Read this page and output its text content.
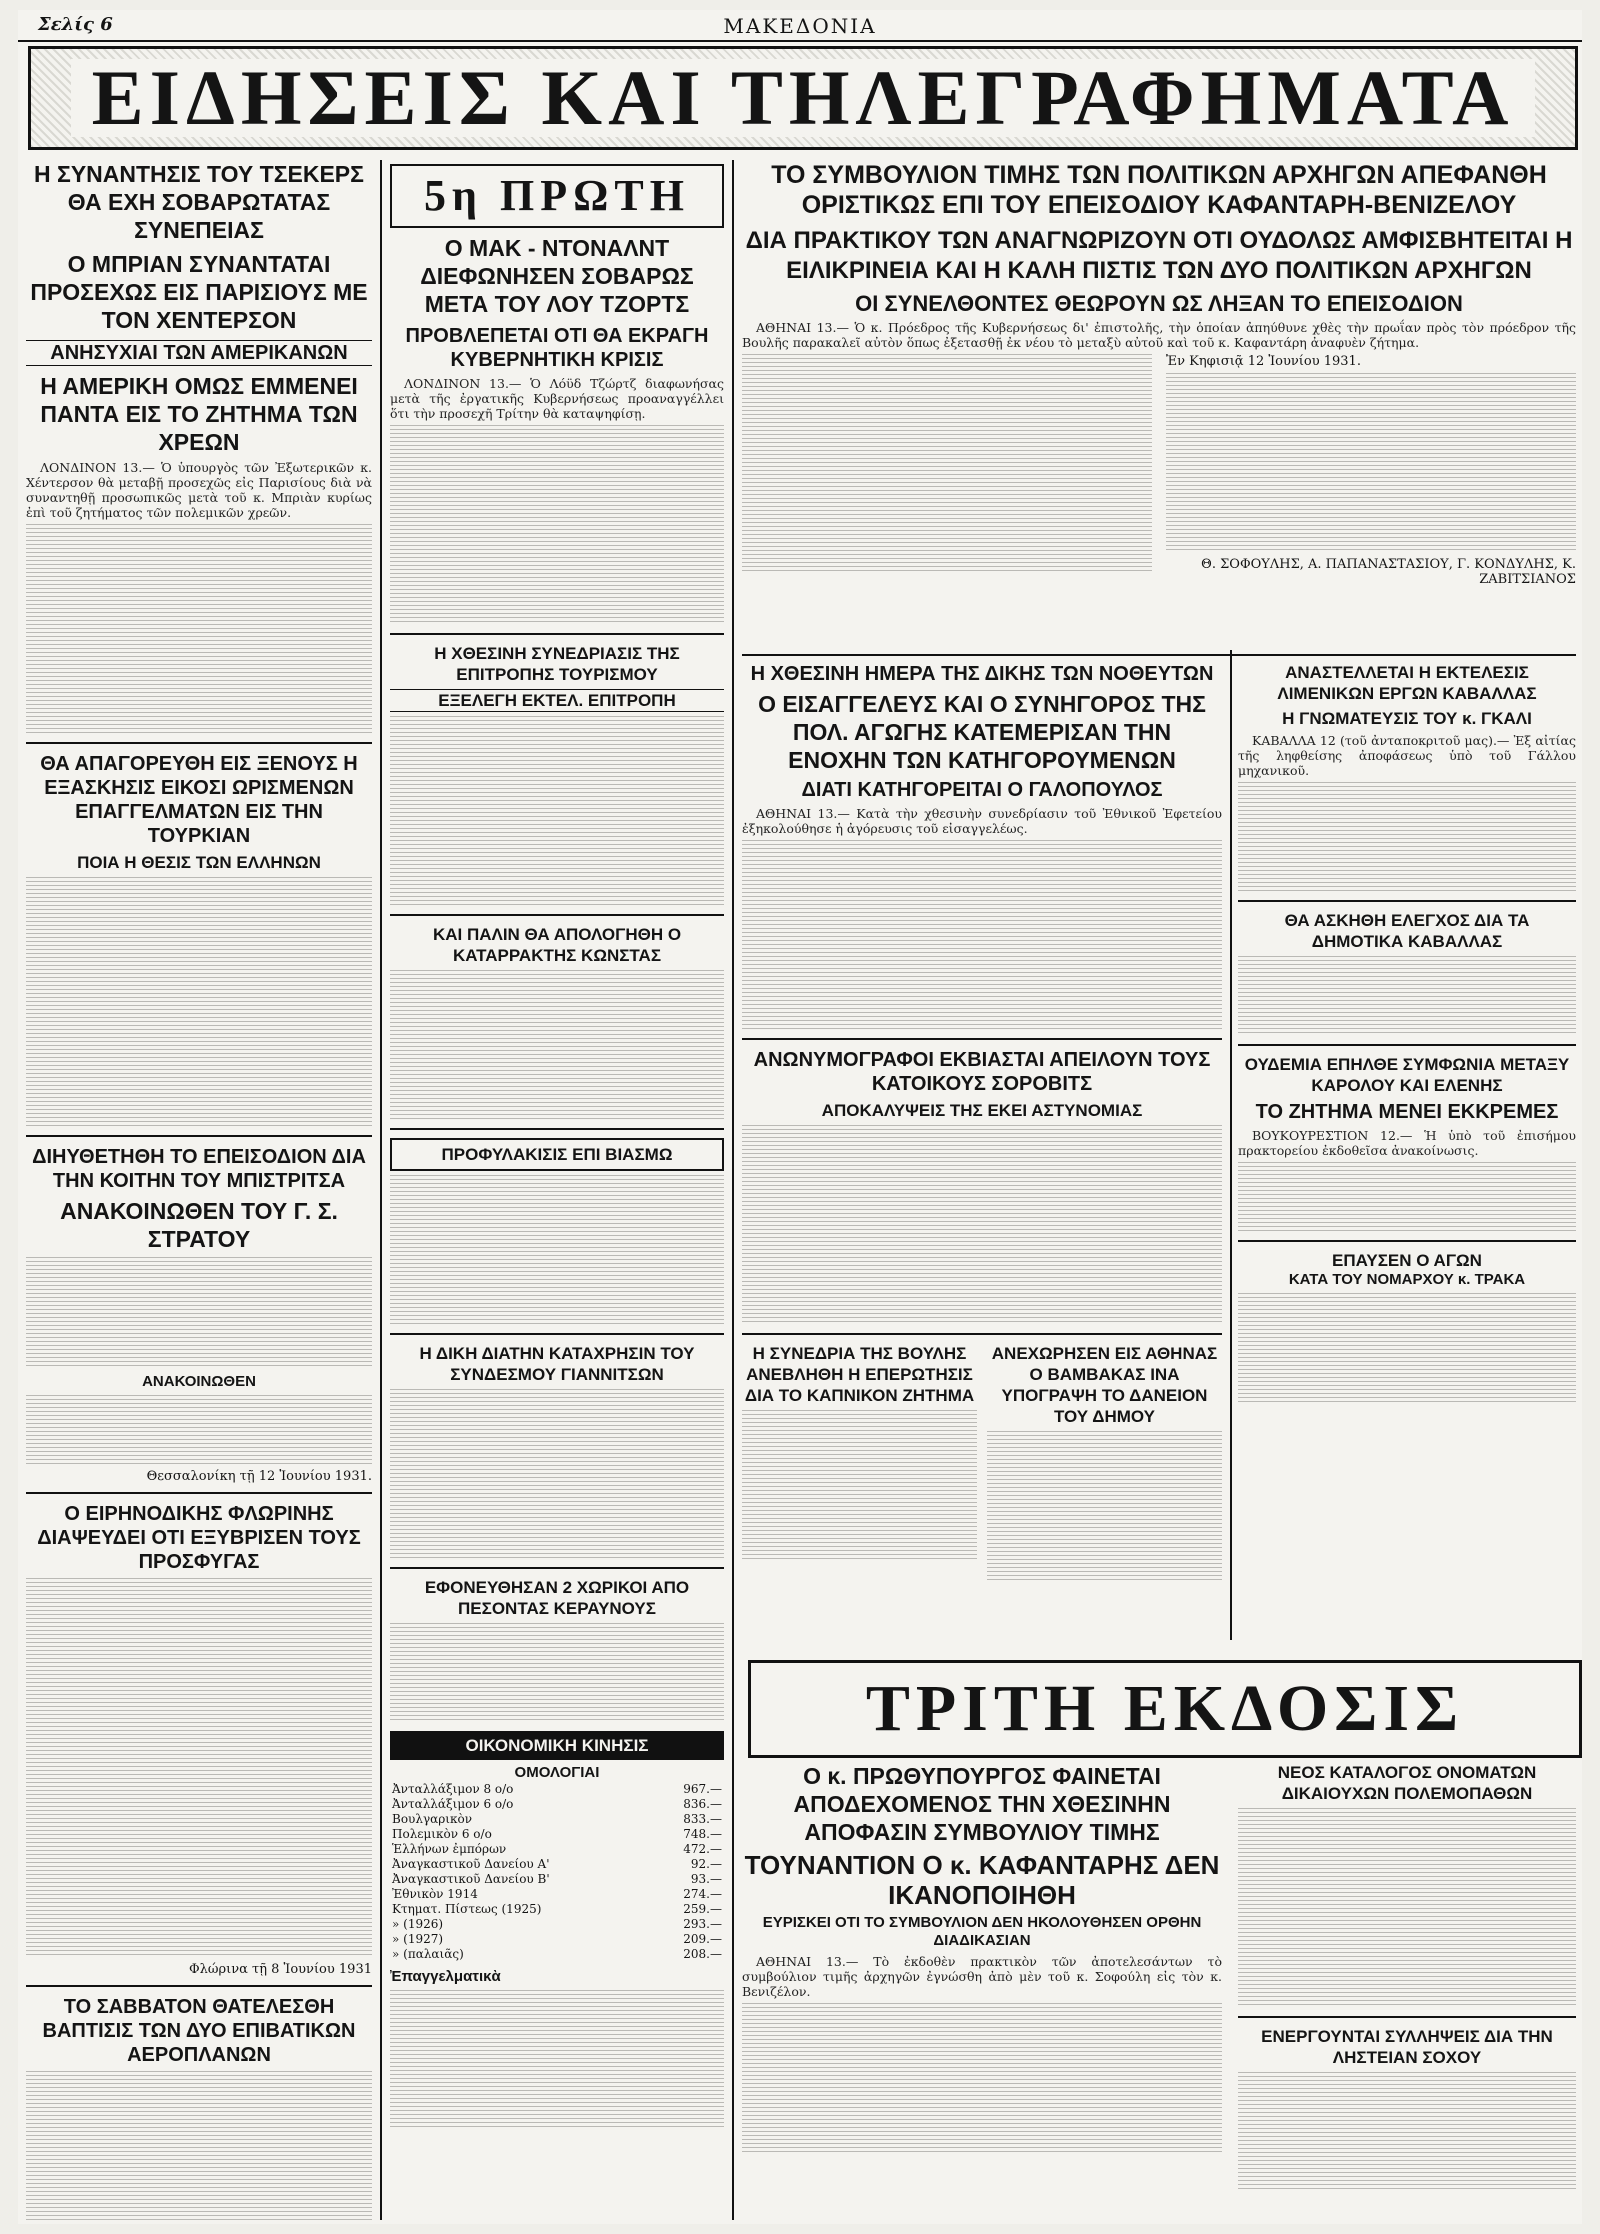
Σελίς 6	ΜΑΚΕΔΟΝΙΑ
ΕΙΔΗΣΕΙΣ ΚΑΙ ΤΗΛΕΓΡΑΦΗΜΑΤΑ
Η ΣΥΝΑΝΤΗΣΙΣ ΤΟΥ ΤΣΕΚΕΡΣ ΘΑ ΕΧΗ ΣΟΒΑΡΩΤΑΤΑΣ ΣΥΝΕΠΕΙΑΣ
Ο ΜΠΡΙΑΝ ΣΥΝΑΝΤΑΤΑΙ ΠΡΟΣΕΧΩΣ ΕΙΣ ΠΑΡΙΣΙΟΥΣ ΜΕ ΤΟΝ ΧΕΝΤΕΡΣΟΝ
ΑΝΗΣΥΧΙΑΙ ΤΩΝ ΑΜΕΡΙΚΑΝΩΝ
Η ΑΜΕΡΙΚΗ ΟΜΩΣ ΕΜΜΕΝΕΙ ΠΑΝΤΑ ΕΙΣ ΤΟ ΖΗΤΗΜΑ ΤΩΝ ΧΡΕΩΝ

ΛΟΝΔΙΝΟΝ 13.— Ὁ ὑπουργὸς τῶν Ἐξωτερικῶν κ. Χέντερσον θὰ μεταβῇ προσεχῶς εἰς Παρισίους διὰ νὰ συναντηθῇ προσωπικῶς μετὰ τοῦ κ. Μπριὰν κυρίως ἐπὶ τοῦ ζητήματος τῶν πολεμικῶν χρεῶν.

ΘΑ ΑΠΑΓΟΡΕΥΘΗ ΕΙΣ ΞΕΝΟΥΣ Η ΕΞΑΣΚΗΣΙΣ ΕΙΚΟΣΙ ΩΡΙΣΜΕΝΩΝ ΕΠΑΓΓΕΛΜΑΤΩΝ ΕΙΣ ΤΗΝ ΤΟΥΡΚΙΑΝ
ΠΟΙΑ Η ΘΕΣΙΣ ΤΩΝ ΕΛΛΗΝΩΝ
ΔΙΗΥΘΕΤΗΘΗ ΤΟ ΕΠΕΙΣΟΔΙΟΝ ΔΙΑ ΤΗΝ ΚΟΙΤΗΝ ΤΟΥ ΜΠΙΣΤΡΙΤΣΑ
ΑΝΑΚΟΙΝΩΘΕΝ ΤΟΥ Γ. Σ. ΣΤΡΑΤΟΥ
ΑΝΑΚΟΙΝΩΘΕΝ
Θεσσαλονίκη τῇ 12 Ἰουνίου 1931.
Ο ΕΙΡΗΝΟΔΙΚΗΣ ΦΛΩΡΙΝΗΣ ΔΙΑΨΕΥΔΕΙ ΟΤΙ ΕΞΥΒΡΙΣΕΝ ΤΟΥΣ ΠΡΟΣΦΥΓΑΣ
Φλώρινα τῇ 8 Ἰουνίου 1931
ΤΟ ΣΑΒΒΑΤΟΝ ΘΑΤΕΛΕΣΘΗ ΒΑΠΤΙΣΙΣ ΤΩΝ ΔΥΟ ΕΠΙΒΑΤΙΚΩΝ ΑΕΡΟΠΛΑΝΩΝ
5η ΠΡΩΤΗ
Ο ΜΑΚ - ΝΤΟΝΑΛΝΤ ΔΙΕΦΩΝΗΣΕΝ ΣΟΒΑΡΩΣ ΜΕΤΑ ΤΟΥ ΛΟΥ ΤΖΟΡΤΣ
ΠΡΟΒΛΕΠΕΤΑΙ ΟΤΙ ΘΑ ΕΚΡΑΓΗ ΚΥΒΕΡΝΗΤΙΚΗ ΚΡΙΣΙΣ

ΛΟΝΔΙΝΟΝ 13.— Ὁ Λόϋδ Τζώρτζ διαφωνήσας μετὰ τῆς ἐργατικῆς Κυβερνήσεως προαναγγέλλει ὅτι τὴν προσεχῆ Τρίτην θὰ καταψηφίσῃ.

Η ΧΘΕΣΙΝΗ ΣΥΝΕΔΡΙΑΣΙΣ ΤΗΣ ΕΠΙΤΡΟΠΗΣ ΤΟΥΡΙΣΜΟΥ
ΕΞΕΛΕΓΗ ΕΚΤΕΛ. ΕΠΙΤΡΟΠΗ
ΚΑΙ ΠΑΛΙΝ ΘΑ ΑΠΟΛΟΓΗΘΗ Ο ΚΑΤΑΡΡΑΚΤΗΣ ΚΩΝΣΤΑΣ
ΠΡΟΦΥΛΑΚΙΣΙΣ ΕΠΙ ΒΙΑΣΜΩ
Η ΔΙΚΗ ΔΙΑΤΗΝ ΚΑΤΑΧΡΗΣΙΝ ΤΟΥ ΣΥΝΔΕΣΜΟΥ ΓΙΑΝΝΙΤΣΩΝ
ΕΦΟΝΕΥΘΗΣΑΝ 2 ΧΩΡΙΚΟΙ ΑΠΟ ΠΕΣΟΝΤΑΣ ΚΕΡΑΥΝΟΥΣ
ΟΙΚΟΝΟΜΙΚΗ ΚΙΝΗΣΙΣ
ΟΜΟΛΟΓΙΑΙ
Ἀνταλλάξιμον 8 ο/ο	967.—
Ἀνταλλάξιμον 6 ο/ο	836.—
Βουλγαρικὸν	833.—
Πολεμικὸν 6 ο/ο	748.—
Ἑλλήνων ἐμπόρων	472.—
Ἀναγκαστικοῦ Δανείου Α'	92.—
Ἀναγκαστικοῦ Δανείου Β'	93.—
Ἐθνικὸν 1914	274.—
Κτηματ. Πίστεως (1925)	259.—
» (1926)	293.—
» (1927)	209.—
» (παλαιᾶς)	208.—
Ἐπαγγελματικὰ
ΤΟ ΣΥΜΒΟΥΛΙΟΝ ΤΙΜΗΣ ΤΩΝ ΠΟΛΙΤΙΚΩΝ ΑΡΧΗΓΩΝ ΑΠΕΦΑΝΘΗ ΟΡΙΣΤΙΚΩΣ ΕΠΙ ΤΟΥ ΕΠΕΙΣΟΔΙΟΥ ΚΑΦΑΝΤΑΡΗ-ΒΕΝΙΖΕΛΟΥ
ΔΙΑ ΠΡΑΚΤΙΚΟΥ ΤΩΝ ΑΝΑΓΝΩΡΙΖΟΥΝ ΟΤΙ ΟΥΔΟΛΩΣ ΑΜΦΙΣΒΗΤΕΙΤΑΙ Η ΕΙΛΙΚΡΙΝΕΙΑ ΚΑΙ Η ΚΑΛΗ ΠΙΣΤΙΣ ΤΩΝ ΔΥΟ ΠΟΛΙΤΙΚΩΝ ΑΡΧΗΓΩΝ
ΟΙ ΣΥΝΕΛΘΟΝΤΕΣ ΘΕΩΡΟΥΝ ΩΣ ΛΗΞΑΝ ΤΟ ΕΠΕΙΣΟΔΙΟΝ

ΑΘΗΝΑΙ 13.— Ὁ κ. Πρόεδρος τῆς Κυβερνήσεως δι' ἐπιστολῆς, τὴν ὁποίαν ἀπηύθυνε χθὲς τὴν πρωΐαν πρὸς τὸν πρόεδρον τῆς Βουλῆς παρακαλεῖ αὐτὸν ὅπως ἐξετασθῇ ἐκ νέου τὸ μεταξὺ αὐτοῦ καὶ τοῦ κ. Καφαντάρη ἀναφυὲν ζήτημα.

Ἐν Κηφισιᾷ 12 Ἰουνίου 1931.
Θ. ΣΟΦΟΥΛΗΣ, Α. ΠΑΠΑΝΑΣΤΑΣΙΟΥ, Γ. ΚΟΝΔΥΛΗΣ, Κ. ΖΑΒΙΤΣΙΑΝΟΣ
Η ΧΘΕΣΙΝΗ ΗΜΕΡΑ ΤΗΣ ΔΙΚΗΣ ΤΩΝ ΝΟΘΕΥΤΩΝ
Ο ΕΙΣΑΓΓΕΛΕΥΣ ΚΑΙ Ο ΣΥΝΗΓΟΡΟΣ ΤΗΣ ΠΟΛ. ΑΓΩΓΗΣ ΚΑΤΕΜΕΡΙΣΑΝ ΤΗΝ ΕΝΟΧΗΝ ΤΩΝ ΚΑΤΗΓΟΡΟΥΜΕΝΩΝ
ΔΙΑΤΙ ΚΑΤΗΓΟΡΕΙΤΑΙ Ο ΓΑΛΟΠΟΥΛΟΣ

ΑΘΗΝΑΙ 13.— Κατὰ τὴν χθεσινὴν συνεδρίασιν τοῦ Ἐθνικοῦ Ἐφετείου ἐξηκολούθησε ἡ ἀγόρευσις τοῦ εἰσαγγελέως.

ΑΝΩΝΥΜΟΓΡΑΦΟΙ ΕΚΒΙΑΣΤΑΙ ΑΠΕΙΛΟΥΝ ΤΟΥΣ ΚΑΤΟΙΚΟΥΣ ΣΟΡΟΒΙΤΣ
ΑΠΟΚΑΛΥΨΕΙΣ ΤΗΣ ΕΚΕΙ ΑΣΤΥΝΟΜΙΑΣ
Η ΣΥΝΕΔΡΙΑ ΤΗΣ ΒΟΥΛΗΣ ΑΝΕΒΛΗΘΗ Η ΕΠΕΡΩΤΗΣΙΣ ΔΙΑ ΤΟ ΚΑΠΝΙΚΟΝ ΖΗΤΗΜΑ
ΑΝΕΧΩΡΗΣΕΝ ΕΙΣ ΑΘΗΝΑΣ Ο ΒΑΜΒΑΚΑΣ ΙΝΑ ΥΠΟΓΡΑΨΗ ΤΟ ΔΑΝΕΙΟΝ ΤΟΥ ΔΗΜΟΥ
ΑΝΑΣΤΕΛΛΕΤΑΙ Η ΕΚΤΕΛΕΣΙΣ ΛΙΜΕΝΙΚΩΝ ΕΡΓΩΝ ΚΑΒΑΛΛΑΣ
Η ΓΝΩΜΑΤΕΥΣΙΣ ΤΟΥ κ. ΓΚΑΛΙ

ΚΑΒΑΛΛΑ 12 (τοῦ ἀνταποκριτοῦ μας).— Ἐξ αἰτίας τῆς ληφθείσης ἀποφάσεως ὑπὸ τοῦ Γάλλου μηχανικοῦ.

ΘΑ ΑΣΚΗΘΗ ΕΛΕΓΧΟΣ ΔΙΑ ΤΑ ΔΗΜΟΤΙΚΑ ΚΑΒΑΛΛΑΣ
ΟΥΔΕΜΙΑ ΕΠΗΛΘΕ ΣΥΜΦΩΝΙΑ ΜΕΤΑΞΥ ΚΑΡΟΛΟΥ ΚΑΙ ΕΛΕΝΗΣ
ΤΟ ΖΗΤΗΜΑ ΜΕΝΕΙ ΕΚΚΡΕΜΕΣ

ΒΟΥΚΟΥΡΕΣΤΙΟΝ 12.— Ἡ ὑπὸ τοῦ ἐπισήμου πρακτορείου ἐκδοθεῖσα ἀνακοίνωσις.

ΕΠΑΥΣΕΝ Ο ΑΓΩΝ
ΚΑΤΑ ΤΟΥ ΝΟΜΑΡΧΟΥ κ. ΤΡΑΚΑ
ΤΡΙΤΗ ΕΚΔΟΣΙΣ
Ο κ. ΠΡΩΘΥΠΟΥΡΓΟΣ ΦΑΙΝΕΤΑΙ ΑΠΟΔΕΧΟΜΕΝΟΣ ΤΗΝ ΧΘΕΣΙΝΗΝ ΑΠΟΦΑΣΙΝ ΣΥΜΒΟΥΛΙΟΥ ΤΙΜΗΣ
ΤΟΥΝΑΝΤΙΟΝ Ο κ. ΚΑΦΑΝΤΑΡΗΣ ΔΕΝ ΙΚΑΝΟΠΟΙΗΘΗ
ΕΥΡΙΣΚΕΙ ΟΤΙ ΤΟ ΣΥΜΒΟΥΛΙΟΝ ΔΕΝ ΗΚΟΛΟΥΘΗΣΕΝ ΟΡΘΗΝ ΔΙΑΔΙΚΑΣΙΑΝ

ΑΘΗΝΑΙ 13.— Τὸ ἐκδοθὲν πρακτικὸν τῶν ἀποτελεσάντων τὸ συμβούλιον τιμῆς ἀρχηγῶν ἐγνώσθη ἀπὸ μὲν τοῦ κ. Σοφούλη εἰς τὸν κ. Βενιζέλον.

ΝΕΟΣ ΚΑΤΑΛΟΓΟΣ ΟΝΟΜΑΤΩΝ ΔΙΚΑΙΟΥΧΩΝ ΠΟΛΕΜΟΠΑΘΩΝ
ΕΝΕΡΓΟΥΝΤΑΙ ΣΥΛΛΗΨΕΙΣ ΔΙΑ ΤΗΝ ΛΗΣΤΕΙΑΝ ΣΟΧΟΥ
